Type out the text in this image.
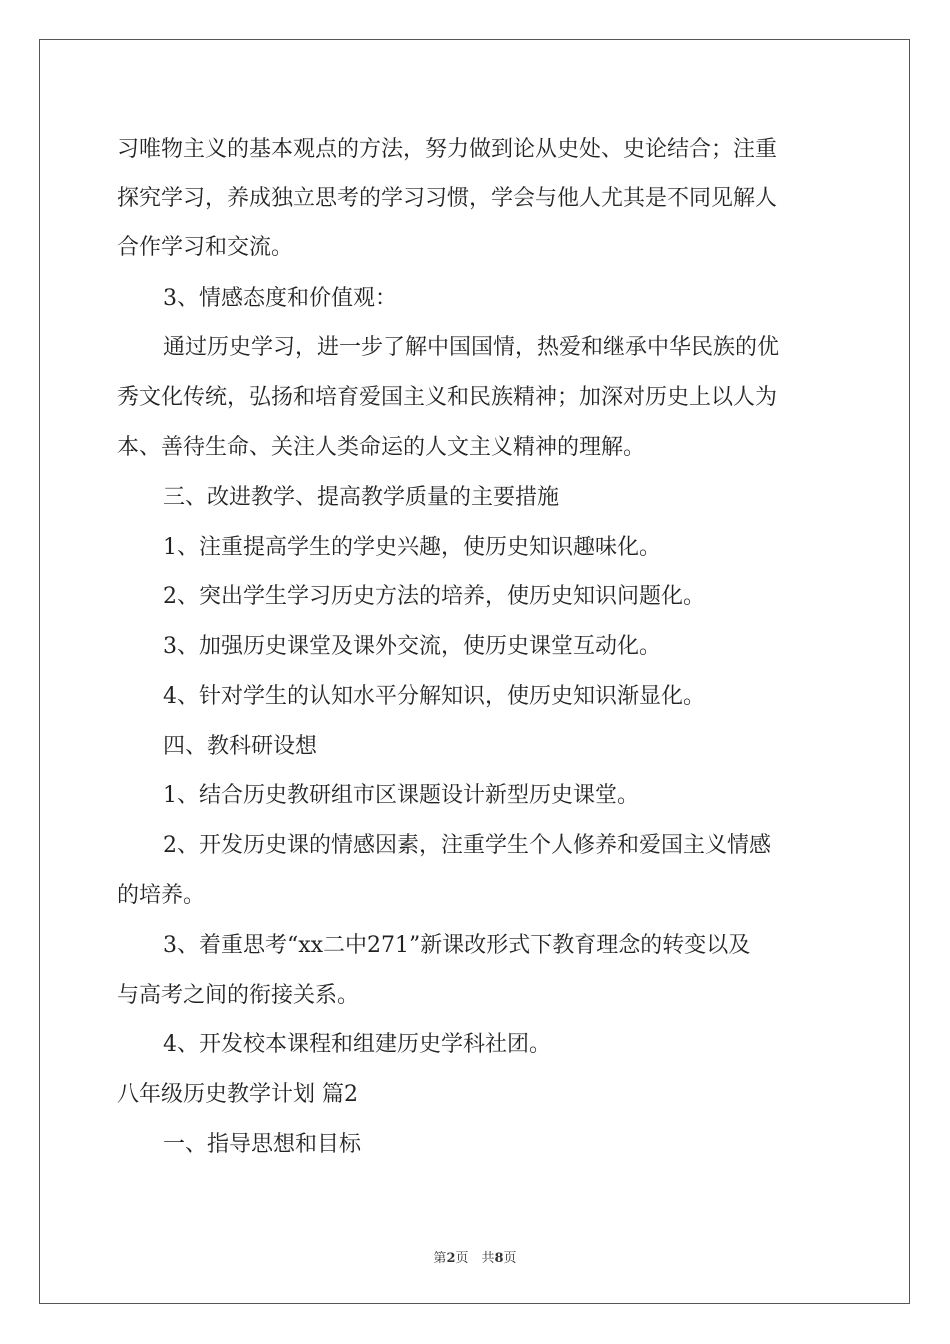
习唯物主义的基本观点的方法，努力做到论从史处、史论结合；注重

探究学习，养成独立思考的学习习惯，学会与他人尤其是不同见解人

合作学习和交流。

3、情感态度和价值观：

通过历史学习，进一步了解中国国情，热爱和继承中华民族的优

秀文化传统，弘扬和培育爱国主义和民族精神；加深对历史上以人为

本、善待生命、关注人类命运的人文主义精神的理解。

三、改进教学、提高教学质量的主要措施

1、注重提高学生的学史兴趣，使历史知识趣味化。

2、突出学生学习历史方法的培养，使历史知识问题化。

3、加强历史课堂及课外交流，使历史课堂互动化。

4、针对学生的认知水平分解知识，使历史知识渐显化。

四、教科研设想

1、结合历史教研组市区课题设计新型历史课堂。

2、开发历史课的情感因素，注重学生个人修养和爱国主义情感

的培养。

3、着重思考“xx二中271”新课改形式下教育理念的转变以及

与高考之间的衔接关系。

4、开发校本课程和组建历史学科社团。

八年级历史教学计划 篇2

一、指导思想和目标

第2页　共8页
